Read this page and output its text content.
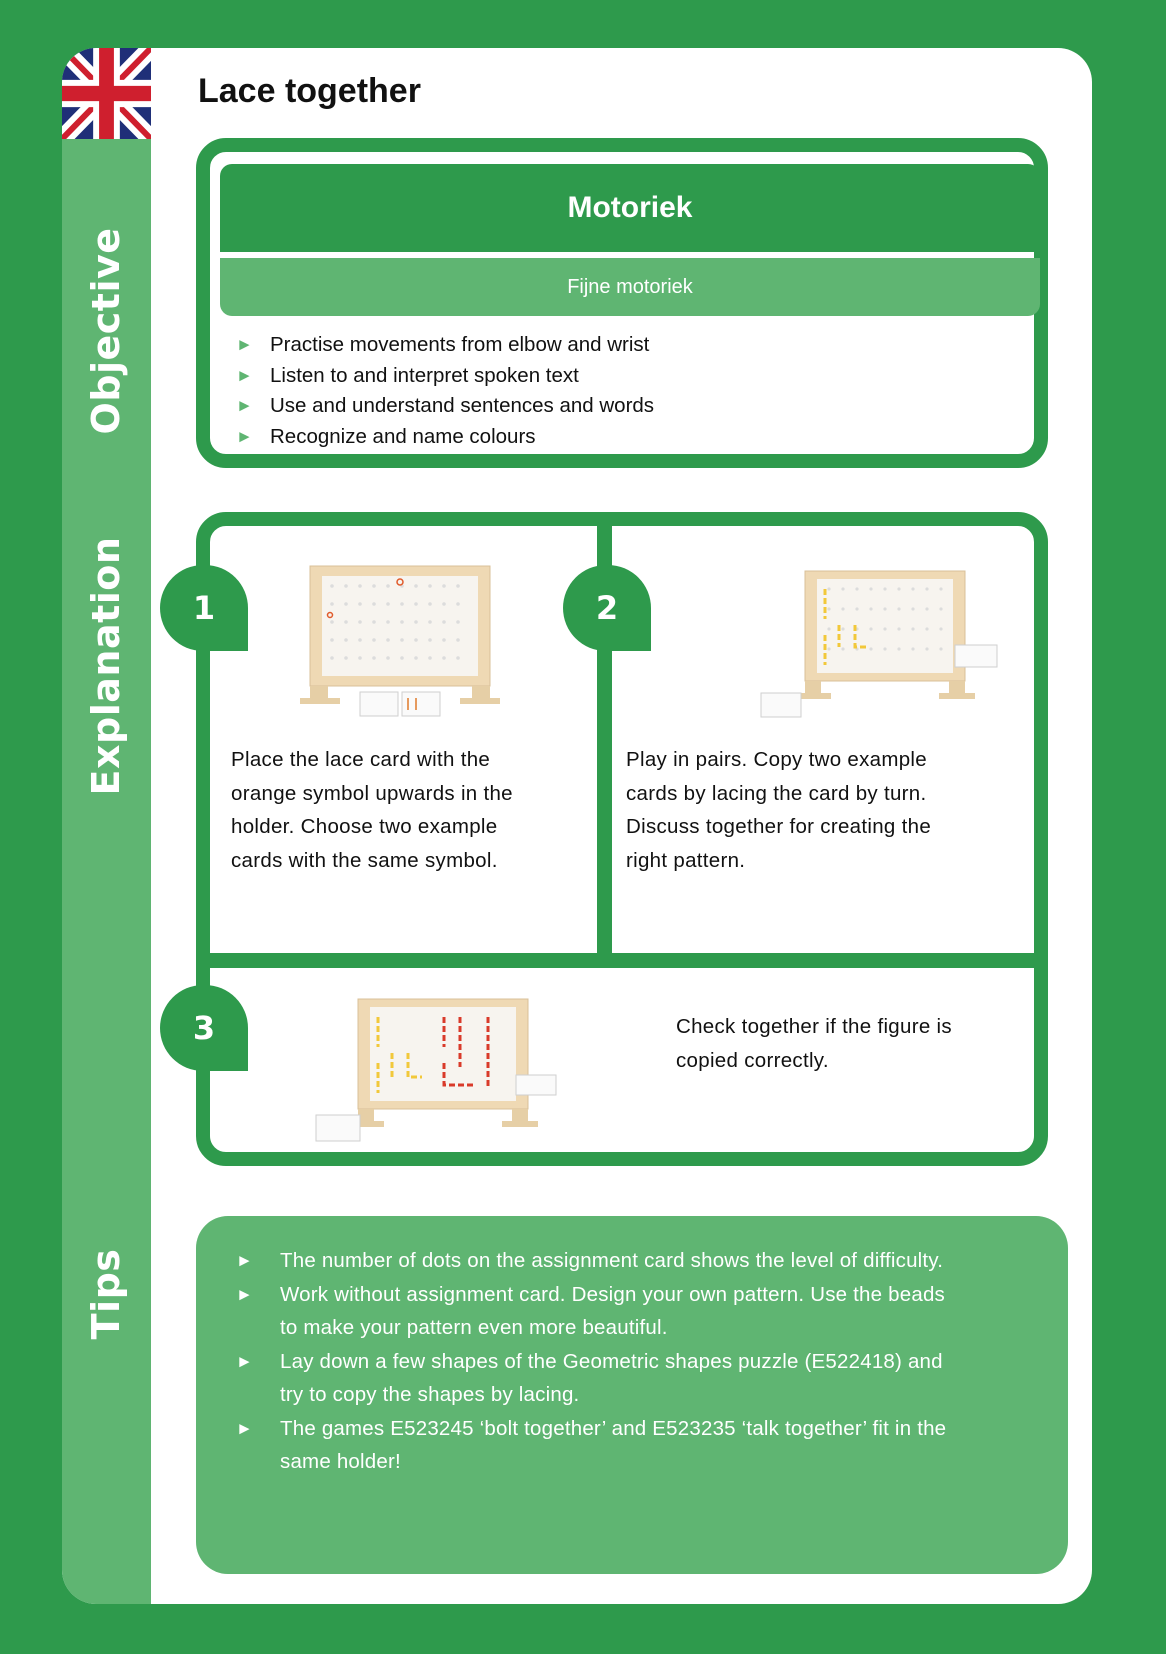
Objective
Explanation
Tips
Lace together
Motoriek
Fijne motoriek
► Practise movements from elbow and wrist
► Listen to and interpret spoken text
► Use and understand sentences and words
► Recognize and name colours
1
Place the lace card with the
orange symbol upwards in the
holder. Choose two example
cards with the same symbol.
2
Play in pairs. Copy two example
cards by lacing the card by turn.
Discuss together for creating the
right pattern.
3	Check together if the figure is
copied correctly.
► The number of dots on the assignment card shows the level of difficulty.
► Work without assignment card. Design your own pattern. Use the beads
to make your pattern even more beautiful.
► Lay down a few shapes of the Geometric shapes puzzle (E522418) and
try to copy the shapes by lacing.
► The games E523245 ‘bolt together’ and E523235 ‘talk together’ fit in the
same holder!
